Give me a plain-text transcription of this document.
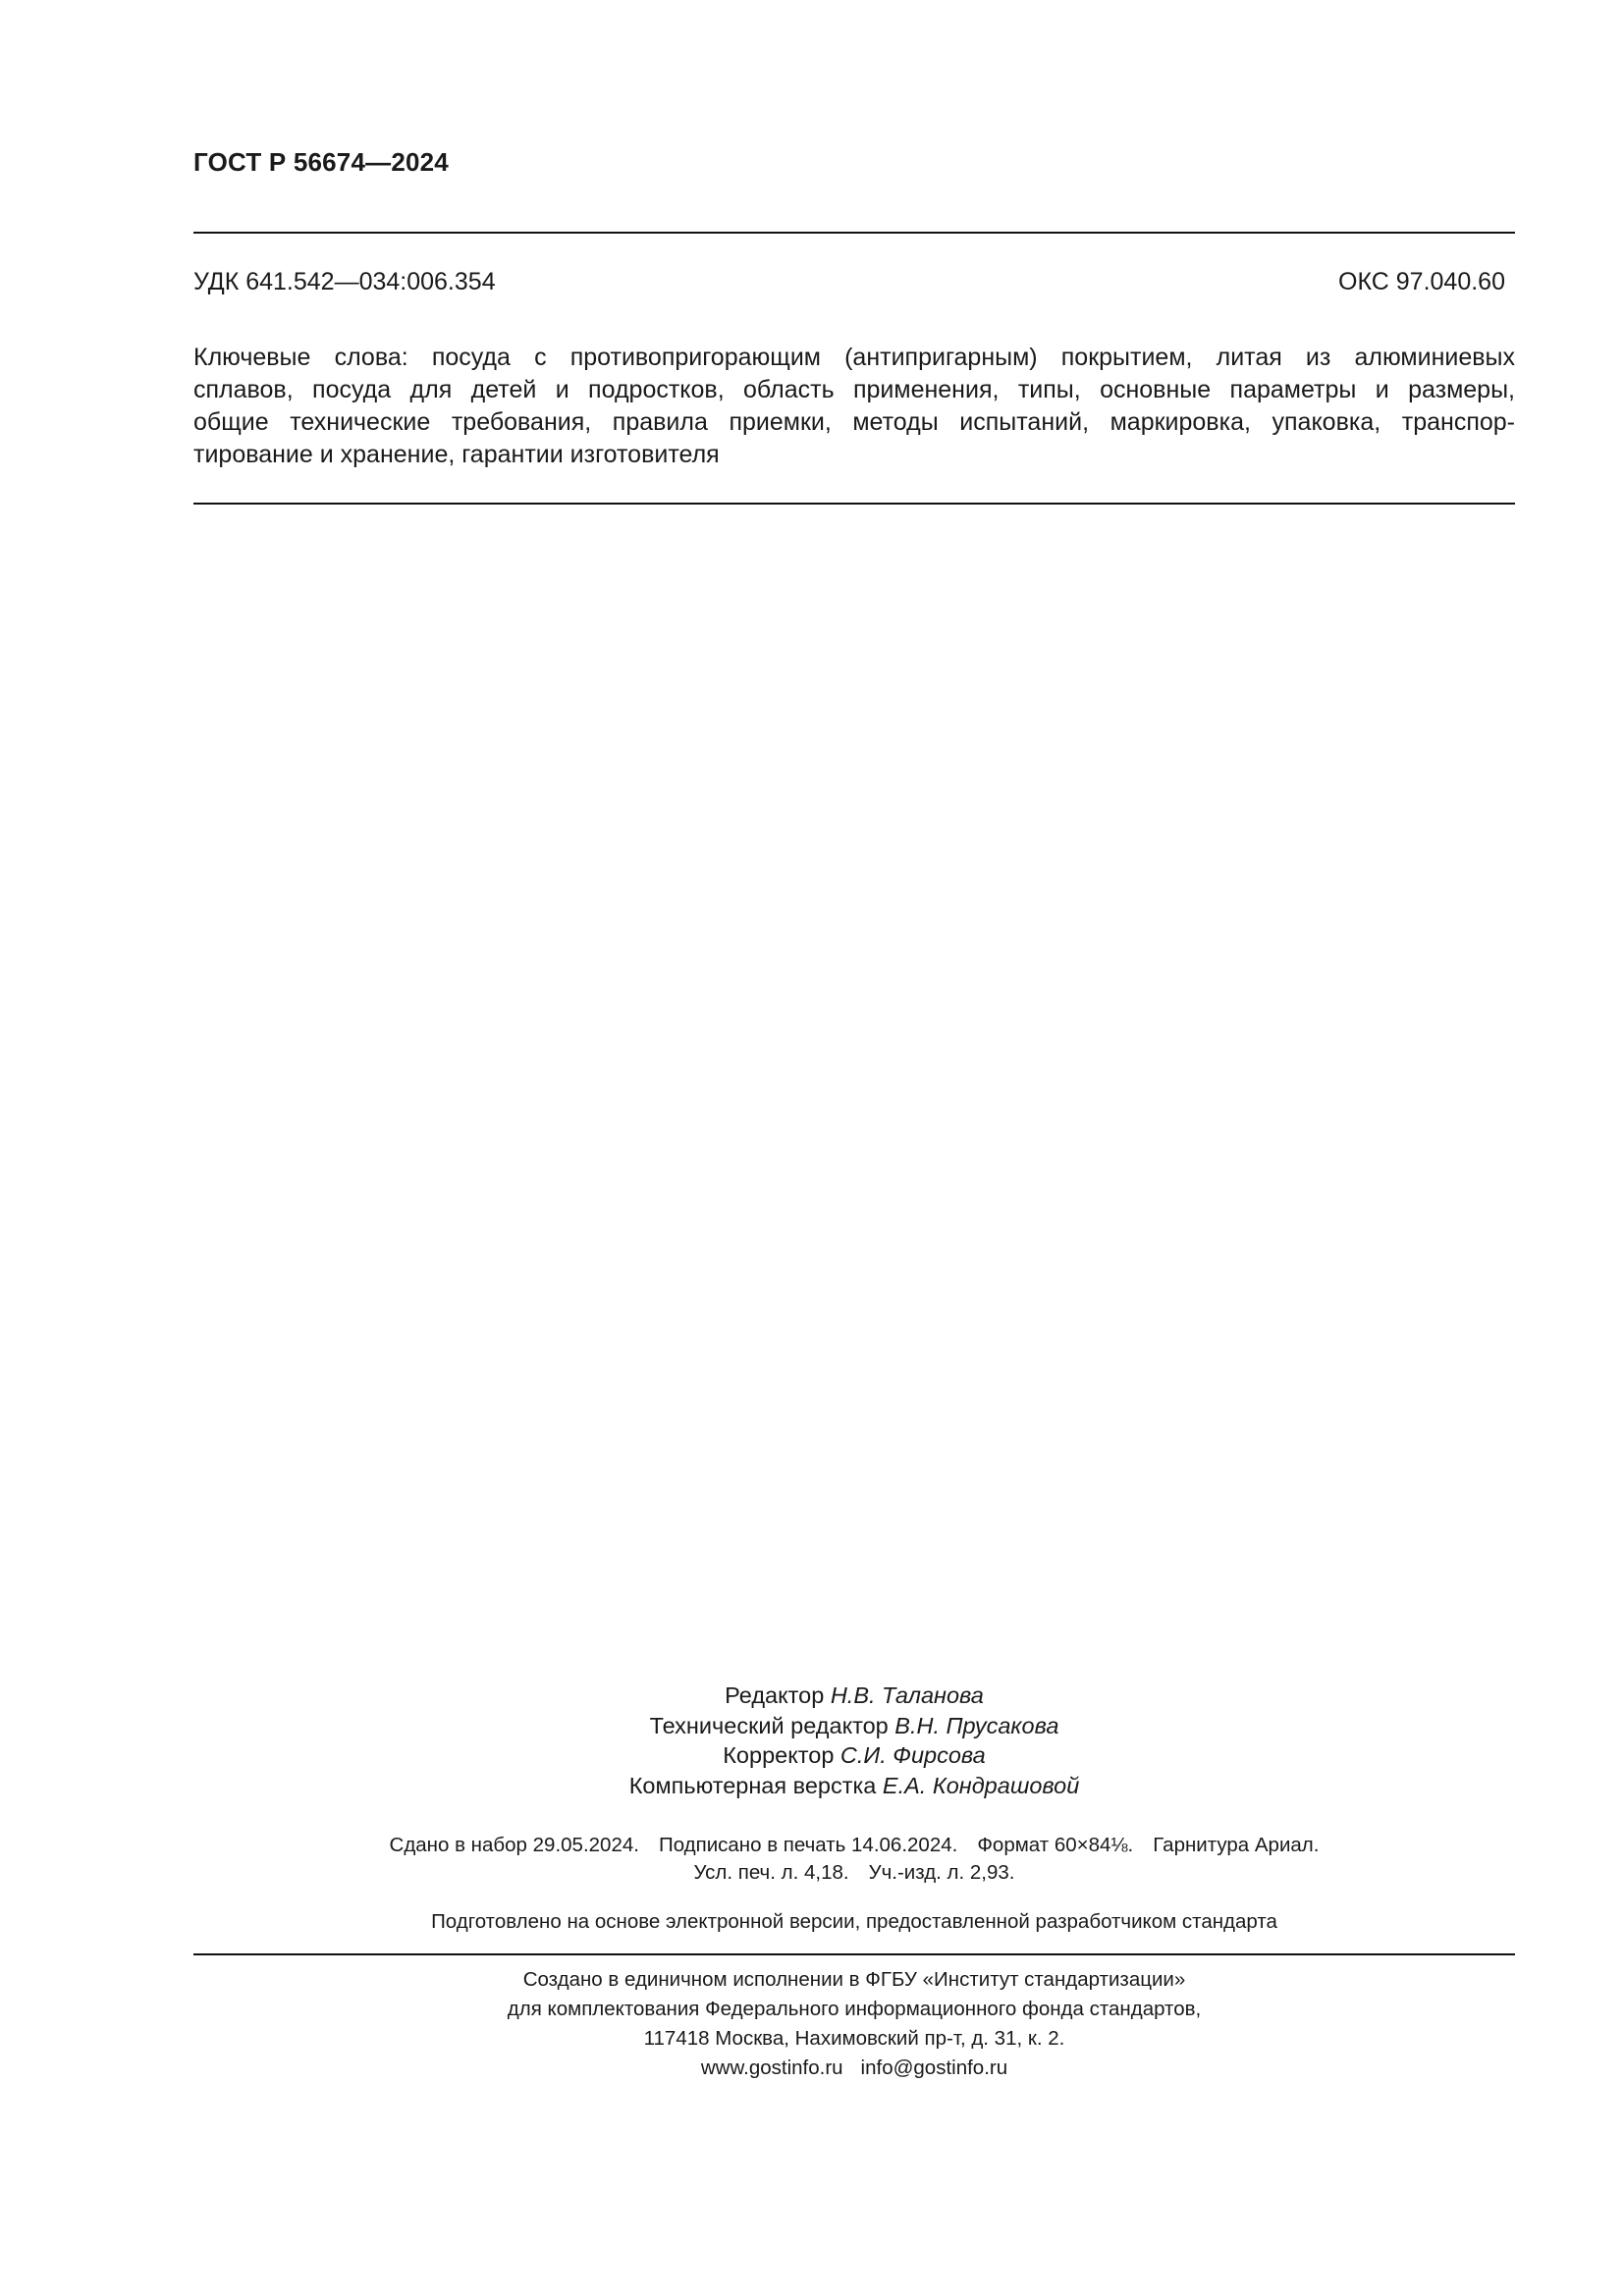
ГОСТ Р 56674—2024
УДК 641.542—034:006.354	ОКС 97.040.60
Ключевые слова: посуда с противопригорающим (антипригарным) покрытием, литая из алюминиевых
сплавов, посуда для детей и подростков, область применения, типы, основные параметры и размеры,
общие технические требования, правила приемки, методы испытаний, маркировка, упаковка, транспор-
тирование и хранение, гарантии изготовителя
Редактор Н.В. Таланова
Технический редактор В.Н. Прусакова
Корректор С.И. Фирсова
Компьютерная верстка Е.А. Кондрашовой
Сдано в набор 29.05.2024. Подписано в печать 14.06.2024. Формат 60×84⅛. Гарнитура Ариал.
Усл. печ. л. 4,18. Уч.-изд. л. 2,93.
Подготовлено на основе электронной версии, предоставленной разработчиком стандарта
Создано в единичном исполнении в ФГБУ «Институт стандартизации»
для комплектования Федерального информационного фонда стандартов,
117418 Москва, Нахимовский пр-т, д. 31, к. 2.
www.gostinfo.ru info@gostinfo.ru
